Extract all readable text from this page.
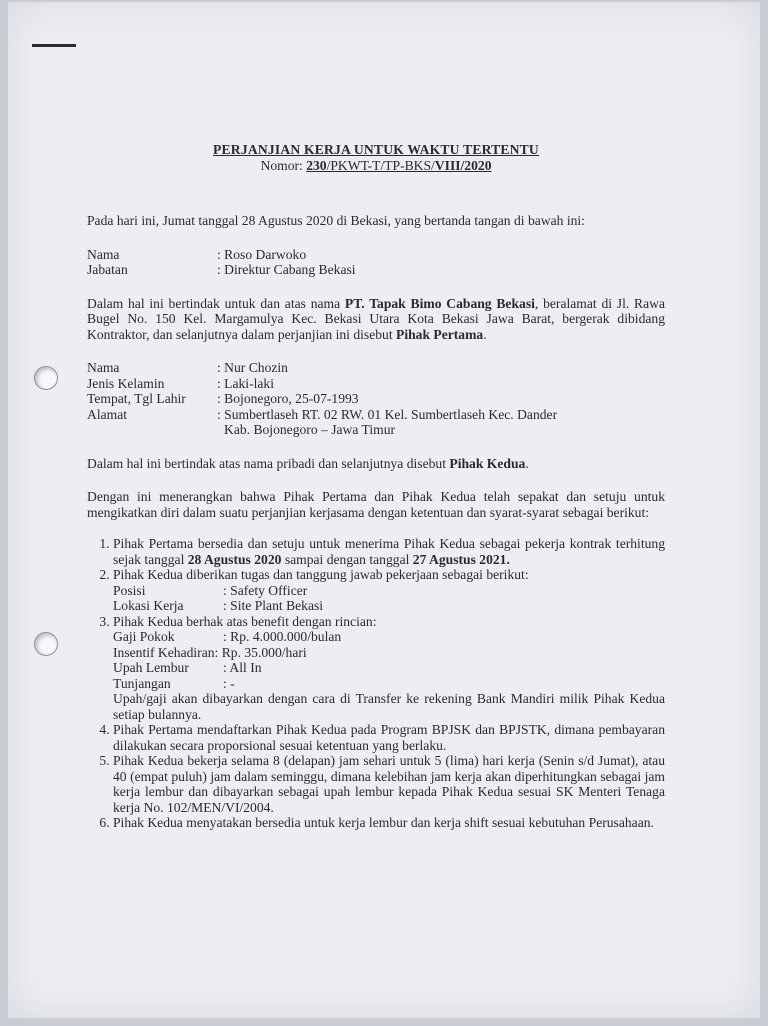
PERJANJIAN KERJA UNTUK WAKTU TERTENTU
Nomor: 230/PKWT-T/TP-BKS/VIII/2020

Pada hari ini, Jumat tanggal 28 Agustus 2020 di Bekasi, yang bertanda tangan di bawah ini:

Nama	: Roso Darwoko
Jabatan	: Direktur Cabang Bekasi

Dalam hal ini bertindak untuk dan atas nama PT. Tapak Bimo Cabang Bekasi, beralamat di Jl. Rawa Bugel No. 150 Kel. Margamulya Kec. Bekasi Utara Kota Bekasi Jawa Barat, bergerak dibidang Kontraktor, dan selanjutnya dalam perjanjian ini disebut Pihak Pertama.

Nama	: Nur Chozin
Jenis Kelamin	: Laki-laki
Tempat, Tgl Lahir	: Bojonegoro, 25-07-1993
Alamat	: Sumbertlaseh RT. 02 RW. 01 Kel. Sumbertlaseh Kec. Dander
Kab. Bojonegoro – Jawa Timur

Dalam hal ini bertindak atas nama pribadi dan selanjutnya disebut Pihak Kedua.

Dengan ini menerangkan bahwa Pihak Pertama dan Pihak Kedua telah sepakat dan setuju untuk mengikatkan diri dalam suatu perjanjian kerjasama dengan ketentuan dan syarat-syarat sebagai berikut:

1. Pihak Pertama bersedia dan setuju untuk menerima Pihak Kedua sebagai pekerja kontrak terhitung sejak tanggal 28 Agustus 2020 sampai dengan tanggal 27 Agustus 2021.
2. Pihak Kedua diberikan tugas dan tanggung jawab pekerjaan sebagai berikut:
Posisi	: Safety Officer
Lokasi Kerja	: Site Plant Bekasi
3. Pihak Kedua berhak atas benefit dengan rincian:
Gaji Pokok	: Rp. 4.000.000/bulan
Insentif Kehadiran : Rp. 35.000/hari
Upah Lembur	: All In
Tunjangan	: -
Upah/gaji akan dibayarkan dengan cara di Transfer ke rekening Bank Mandiri milik Pihak Kedua setiap bulannya.
4. Pihak Pertama mendaftarkan Pihak Kedua pada Program BPJSK dan BPJSTK, dimana pembayaran dilakukan secara proporsional sesuai ketentuan yang berlaku.
5. Pihak Kedua bekerja selama 8 (delapan) jam sehari untuk 5 (lima) hari kerja (Senin s/d Jumat), atau 40 (empat puluh) jam dalam seminggu, dimana kelebihan jam kerja akan diperhitungkan sebagai jam kerja lembur dan dibayarkan sebagai upah lembur kepada Pihak Kedua sesuai SK Menteri Tenaga kerja No. 102/MEN/VI/2004.
6. Pihak Kedua menyatakan bersedia untuk kerja lembur dan kerja shift sesuai kebutuhan Perusahaan.
